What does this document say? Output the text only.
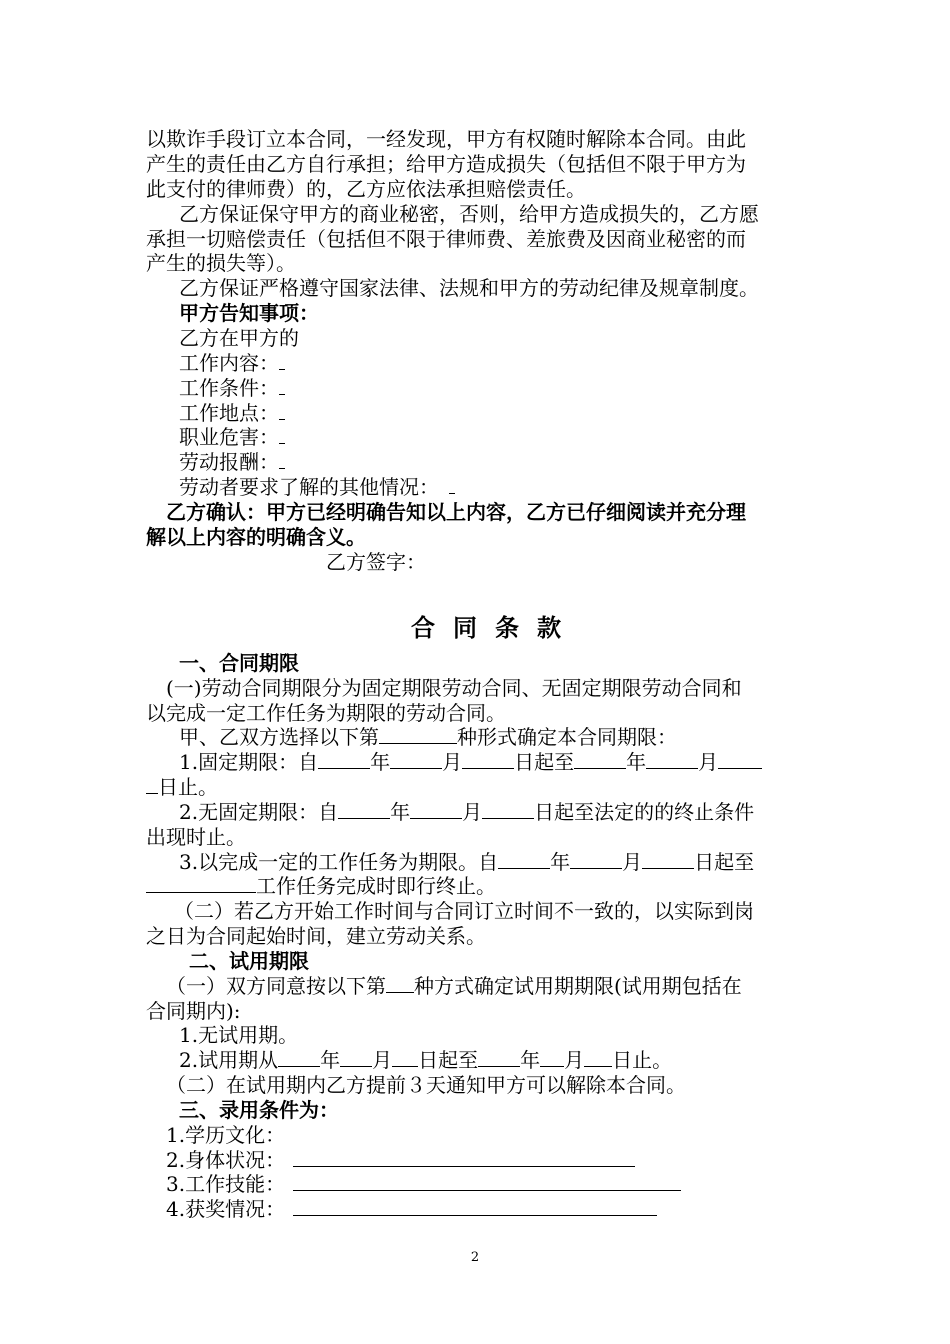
以欺诈手段订立本合同，一经发现，甲方有权随时解除本合同。由此
产生的责任由乙方自行承担；给甲方造成损失（包括但不限于甲方为
此支付的律师费）的，乙方应依法承担赔偿责任。
乙方保证保守甲方的商业秘密，否则，给甲方造成损失的，乙方愿
承担一切赔偿责任（包括但不限于律师费、差旅费及因商业秘密的而
产生的损失等）。
乙方保证严格遵守国家法律、法规和甲方的劳动纪律及规章制度。
甲方告知事项：
乙方在甲方的
工作内容：
工作条件：
工作地点：
职业危害：
劳动报酬：
劳动者要求了解的其他情况：
乙方确认：甲方已经明确告知以上内容，乙方已仔细阅读并充分理
解以上内容的明确含义。
乙方签字：
合同条款
一、合同期限
(一)劳动合同期限分为固定期限劳动合同、无固定期限劳动合同和
以完成一定工作任务为期限的劳动合同。
甲、乙双方选择以下第	种形式确定本合同期限：
1.固定期限：自	年	月	日起至	年	月
日止。
2.无固定期限：自	年	月	日起至法定的的终止条件
出现时止。
3.以完成一定的工作任务为期限。自	年	月	日起至
工作任务完成时即行终止。
（二）若乙方开始工作时间与合同订立时间不一致的，以实际到岗
之日为合同起始时间，建立劳动关系。
二、试用期限
（一）双方同意按以下第 种方式确定试用期期限(试用期包括在
合同期内):
1.无试用期。
2.试用期从 年 月 日起至 年 月 日止。
（二）在试用期内乙方提前３天通知甲方可以解除本合同。
三、录用条件为：
1.学历文化：
2.身体状况：
3.工作技能：
4.获奖情况：
2
